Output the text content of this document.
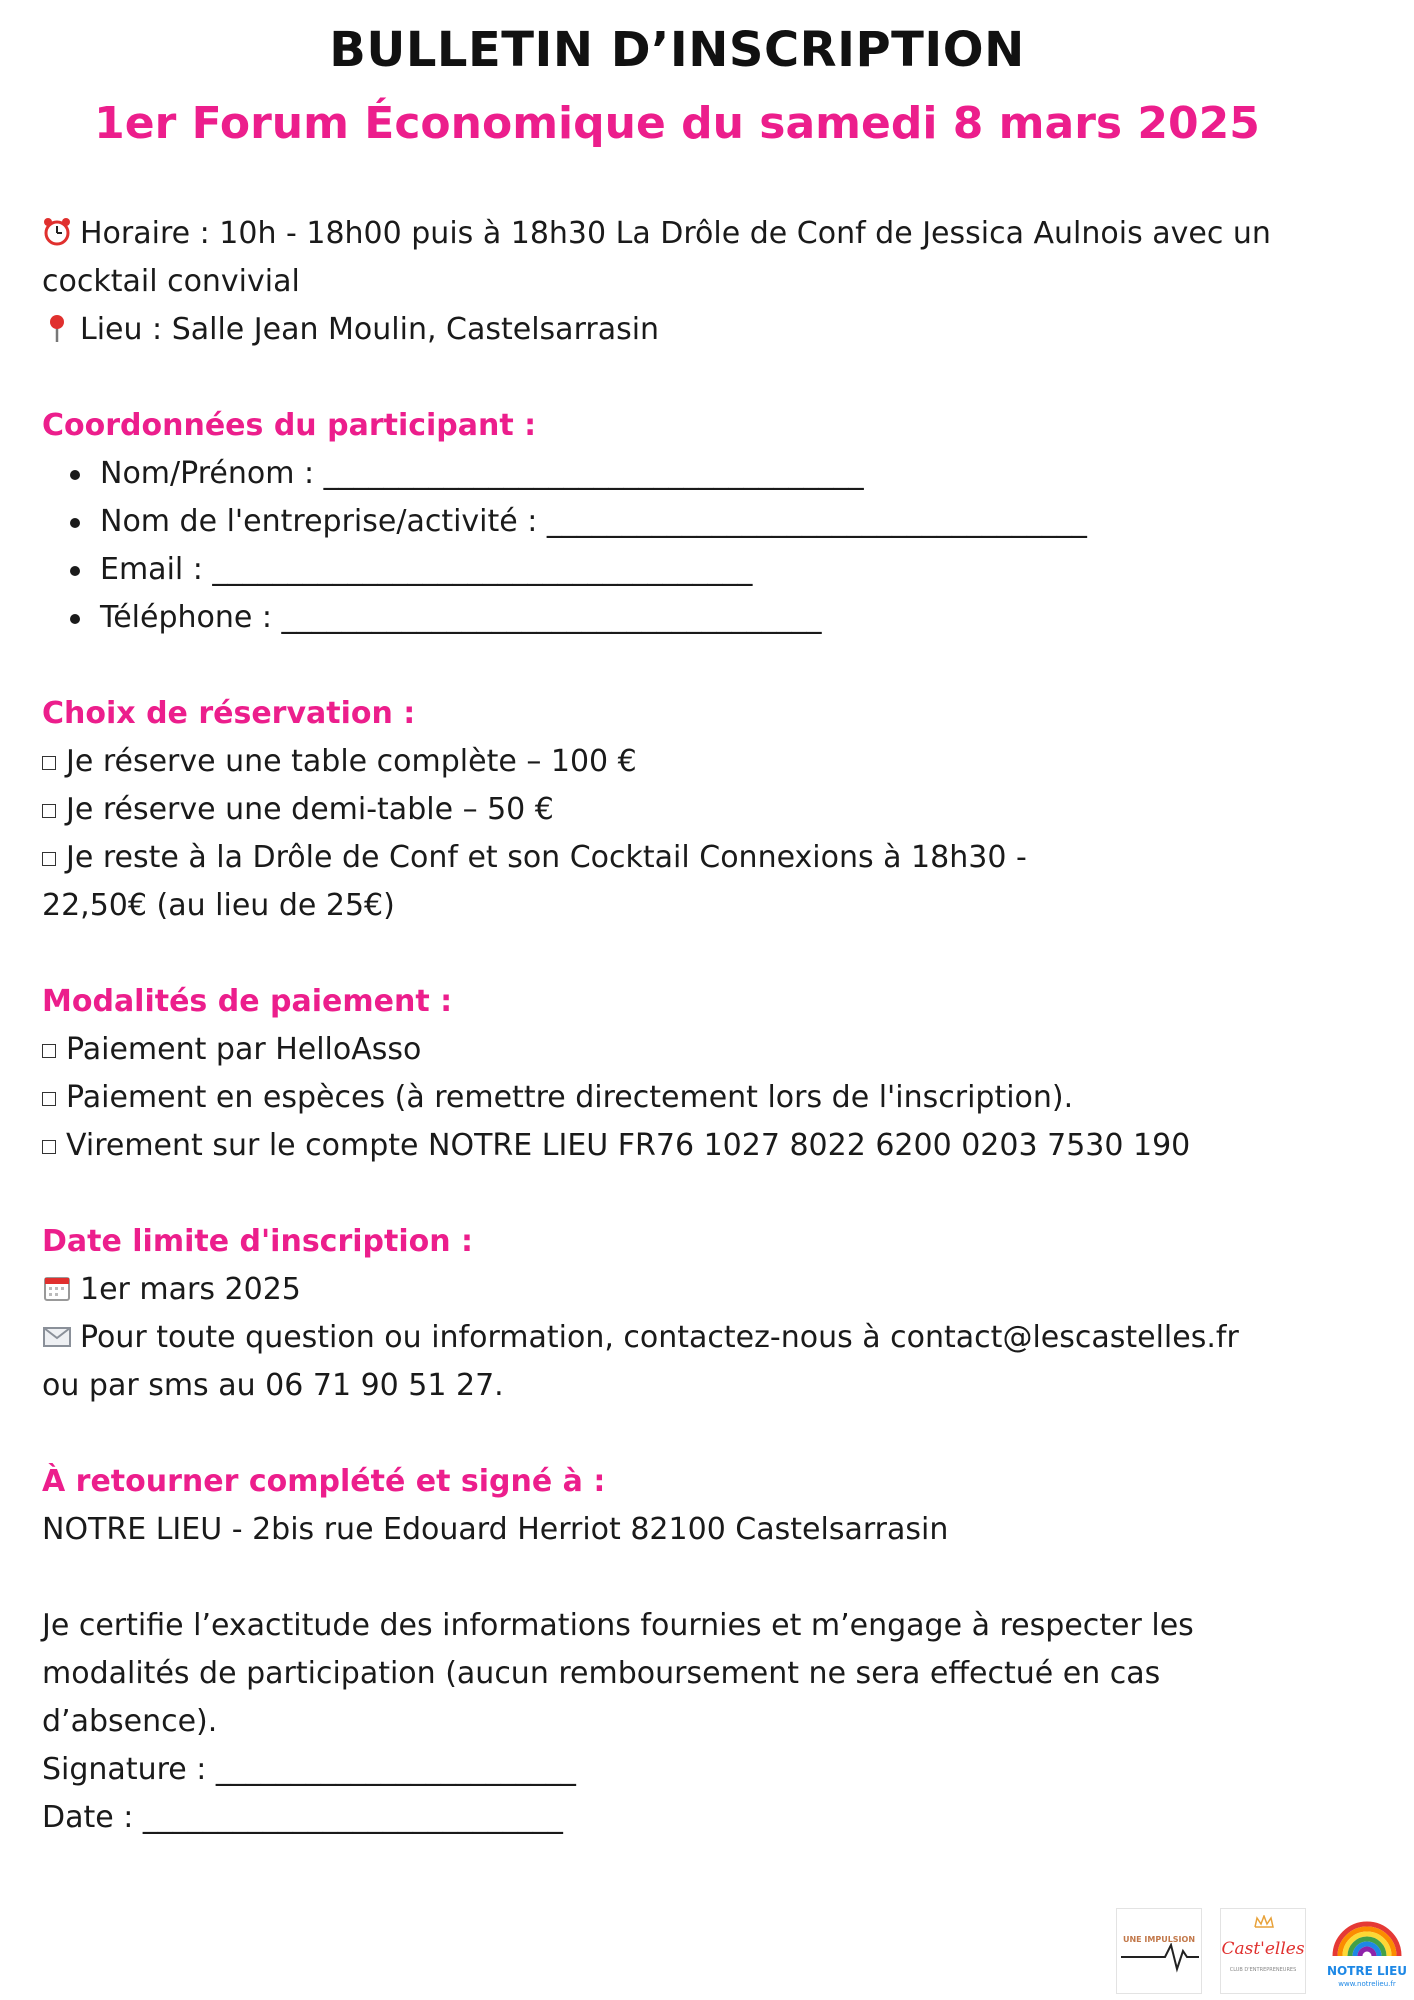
BULLETIN D’INSCRIPTION
1er Forum Économique du samedi 8 mars 2025
Horaire : 10h - 18h00 puis à 18h30 La Drôle de Conf de Jessica Aulnois avec un cocktail convivial
Lieu : Salle Jean Moulin, Castelsarrasin
Coordonnées du participant :
Nom/Prénom : ____________________________________
Nom de l'entreprise/activité : ____________________________________
Email : ____________________________________
Téléphone : ____________________________________
Choix de réservation :
Je réserve une table complète – 100 €
Je réserve une demi-table – 50 €
Je reste à la Drôle de Conf et son Cocktail Connexions à 18h30 -
22,50€ (au lieu de 25€)
Modalités de paiement :
Paiement par HelloAsso
Paiement en espèces (à remettre directement lors de l'inscription).
Virement sur le compte NOTRE LIEU FR76 1027 8022 6200 0203 7530 190
Date limite d'inscription :
1er mars 2025
Pour toute question ou information, contactez-nous à contact@lescastelles.fr
ou par sms au 06 71 90 51 27.
À retourner complété et signé à :
NOTRE LIEU - 2bis rue Edouard Herriot 82100 Castelsarrasin
Je certifie l’exactitude des informations fournies et m’engage à respecter les modalités de participation (aucun remboursement ne sera effectué en cas d’absence).
Signature : ________________________
Date : ____________________________
UNE IMPULSION	Cast'elles
CLUB D'ENTREPRENEURES	NOTRE LIEU
www.notrelieu.fr
